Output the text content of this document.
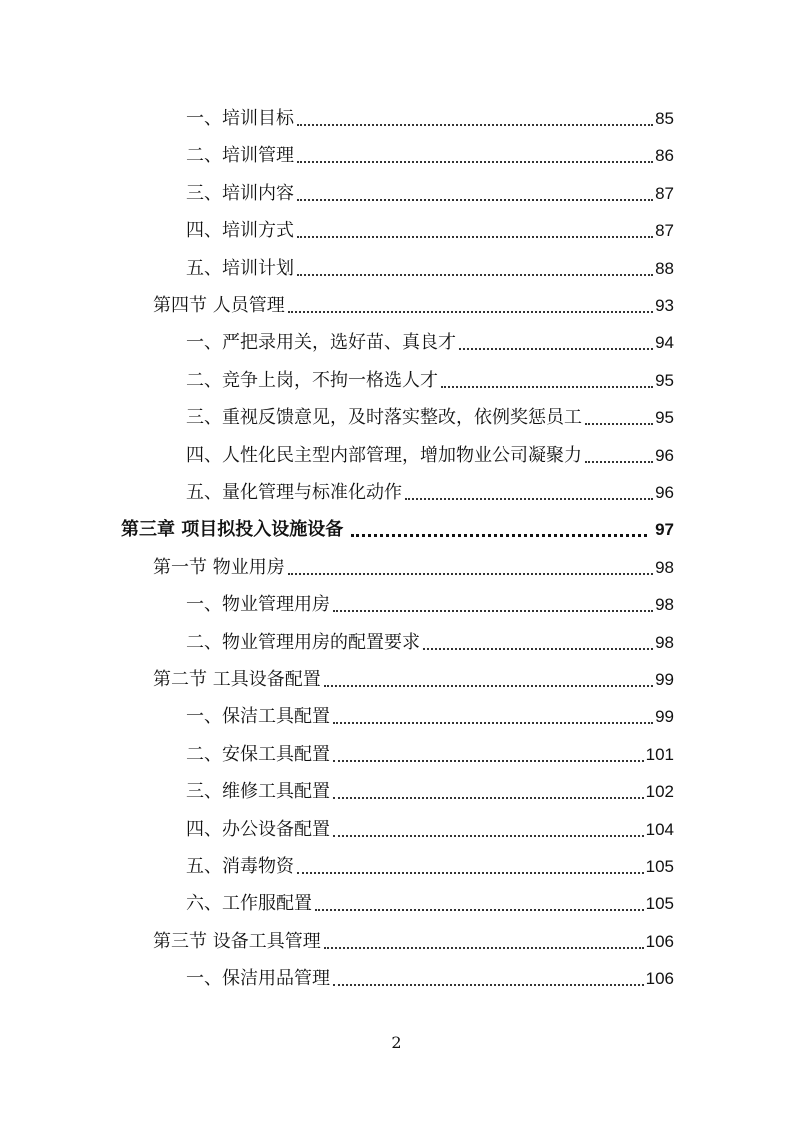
一、培训目标	85
二、培训管理	86
三、培训内容	87
四、培训方式	87
五、培训计划	88
第四节 人员管理	93
一、严把录用关，选好苗、真良才	94
二、竞争上岗，不拘一格选人才	95
三、重视反馈意见，及时落实整改，依例奖惩员工	95
四、人性化民主型内部管理，增加物业公司凝聚力	96
五、量化管理与标准化动作	96
第三章 项目拟投入设施设备	97
第一节 物业用房	98
一、物业管理用房	98
二、物业管理用房的配置要求	98
第二节 工具设备配置	99
一、保洁工具配置	99
二、安保工具配置	101
三、维修工具配置	102
四、办公设备配置	104
五、消毒物资	105
六、工作服配置	105
第三节 设备工具管理	106
一、保洁用品管理	106
2
